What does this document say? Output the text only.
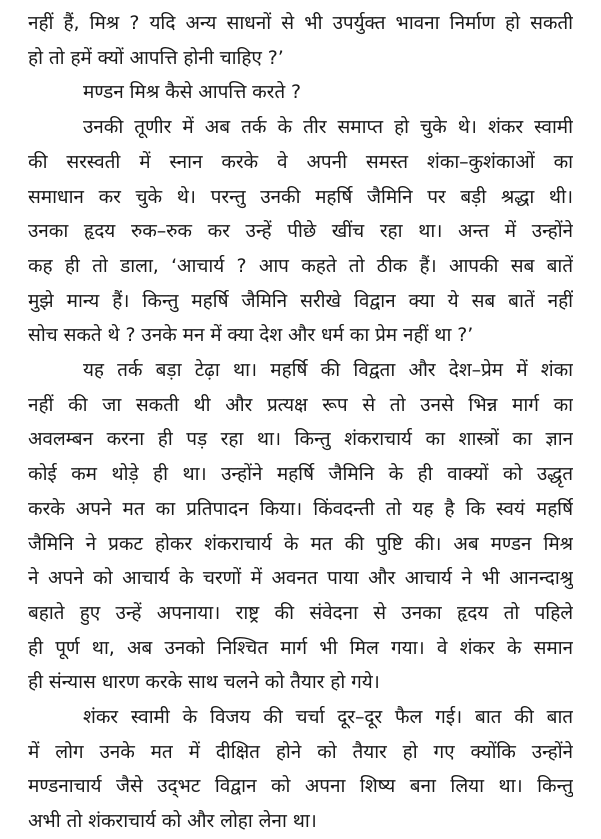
नहीं हैं, मिश्र ? यदि अन्य साधनों से भी उपर्युक्त भावना निर्माण हो सकती
हो तो हमें क्यों आपत्ति होनी चाहिए ?’
मण्डन मिश्र कैसे आपत्ति करते ?
उनकी तूणीर में अब तर्क के तीर समाप्त हो चुके थे। शंकर स्वामी
की सरस्वती में स्नान करके वे अपनी समस्त शंका–कुशंकाओं का
समाधान कर चुके थे। परन्तु उनकी महर्षि जैमिनि पर बड़ी श्रद्धा थी।
उनका हृदय रुक–रुक कर उन्हें पीछे खींच रहा था। अन्त में उन्होंने
कह ही तो डाला, ‘आचार्य ? आप कहते तो ठीक हैं। आपकी सब बातें
मुझे मान्य हैं। किन्तु महर्षि जैमिनि सरीखे विद्वान क्या ये सब बातें नहीं
सोच सकते थे ? उनके मन में क्या देश और धर्म का प्रेम नहीं था ?’
यह तर्क बड़ा टेढ़ा था। महर्षि की विद्वता और देश–प्रेम में शंका
नहीं की जा सकती थी और प्रत्यक्ष रूप से तो उनसे भिन्न मार्ग का
अवलम्बन करना ही पड़ रहा था। किन्तु शंकराचार्य का शास्त्रों का ज्ञान
कोई कम थोड़े ही था। उन्होंने महर्षि जैमिनि के ही वाक्यों को उद्धृत
करके अपने मत का प्रतिपादन किया। किंवदन्ती तो यह है कि स्वयं महर्षि
जैमिनि ने प्रकट होकर शंकराचार्य के मत की पुष्टि की। अब मण्डन मिश्र
ने अपने को आचार्य के चरणों में अवनत पाया और आचार्य ने भी आनन्दाश्रु
बहाते हुए उन्हें अपनाया। राष्ट्र की संवेदना से उनका हृदय तो पहिले
ही पूर्ण था, अब उनको निश्चित मार्ग भी मिल गया। वे शंकर के समान
ही संन्यास धारण करके साथ चलने को तैयार हो गये।
शंकर स्वामी के विजय की चर्चा दूर–दूर फैल गई। बात की बात
में लोग उनके मत में दीक्षित होने को तैयार हो गए क्योंकि उन्होंने
मण्डनाचार्य जैसे उद्‌भट विद्वान को अपना शिष्य बना लिया था। किन्तु
अभी तो शंकराचार्य को और लोहा लेना था।
